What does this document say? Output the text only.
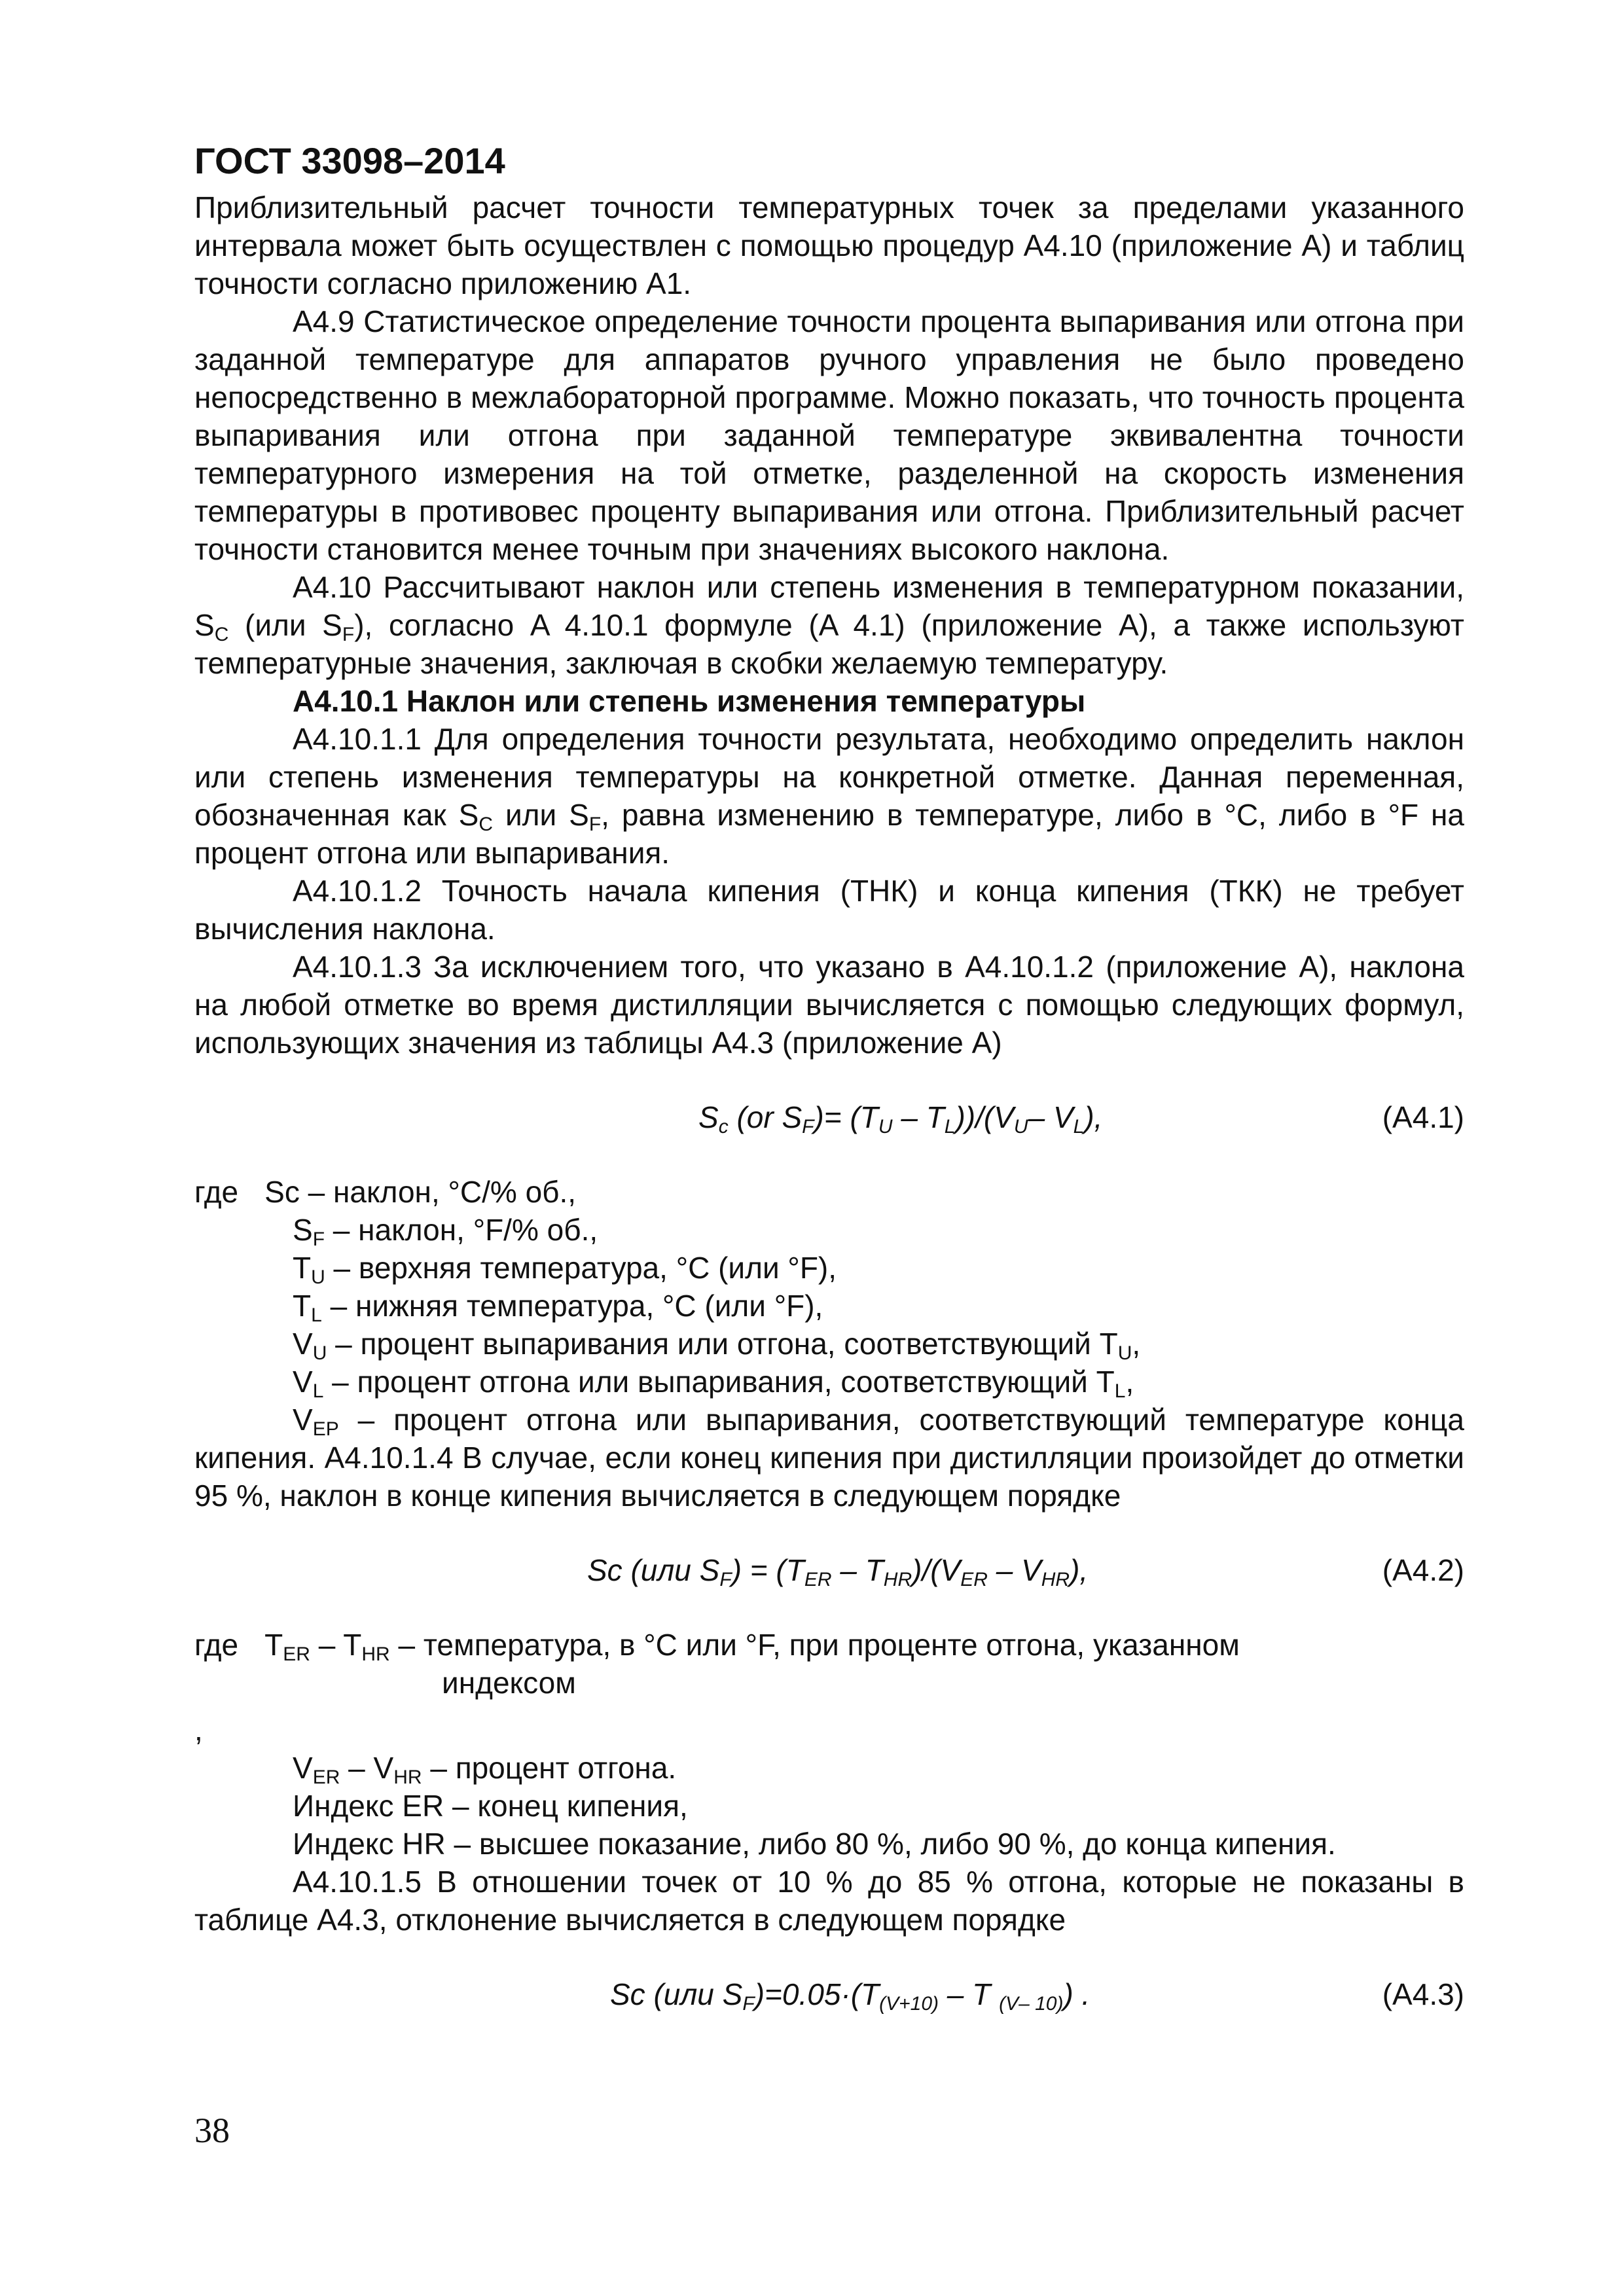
ГОСТ 33098–2014

Приблизительный расчет точности температурных точек за пределами указанного интервала может быть осуществлен с помощью процедур A4.10 (приложение A) и таблиц точности согласно приложению A1.

A4.9 Статистическое определение точности процента выпаривания или отгона при заданной температуре для аппаратов ручного управления не было проведено непосредственно в межлабораторной программе. Можно показать, что точность процента выпаривания или отгона при заданной температуре эквивалентна точности температурного измерения на той отметке, разделенной на скорость изменения температуры в противовес проценту выпаривания или отгона. Приблизительный расчет точности становится менее точным при значениях высокого наклона.

A4.10 Рассчитывают наклон или степень изменения в температурном показании, $S_C$ (или $S_F$), согласно A 4.10.1 формуле (A 4.1) (приложение A), а также используют температурные значения, заключая в скобки желаемую температуру.

A4.10.1 Наклон или степень изменения температуры

A4.10.1.1 Для определения точности результата, необходимо определить наклон или степень изменения температуры на конкретной отметке. Данная переменная, обозначенная как $S_C$ или $S_F$, равна изменению в температуре, либо в °C, либо в °F на процент отгона или выпаривания.

A4.10.1.2 Точность начала кипения (ТНК) и конца кипения (ТКК) не требует вычисления наклона.

A4.10.1.3 За исключением того, что указано в A4.10.1.2 (приложение A), наклона на любой отметке во время дистилляции вычисляется с помощью следующих формул, использующих значения из таблицы A4.3 (приложение A)

$S_c$ (or $S_F)= (T_U - T_L))/(V_U-$ $V_L$),	(A4.1)
где Sc – наклон, °C/% об.,
$S_F$ – наклон, °F/% об.,
$T_U$ – верхняя температура, °C (или °F),
$T_L$ – нижняя температура, °C (или °F),
$V_U$ – процент выпаривания или отгона, соответствующий $T_U$,
$V_L$ – процент отгона или выпаривания, соответствующий $T_L$,

$V_{EP}$ – процент отгона или выпаривания, соответствующий температуре конца кипения. A4.10.1.4 В случае, если конец кипения при дистилляции произойдет до отметки 95 %, наклон в конце кипения вычисляется в следующем порядке

Sc (или $S_F) = (T_{ER} - T_{HR})/(V_{ER} - V_{HR})$,	(A4.2)
где $T_{ER} - T_{HR}$ – температура, в °C или °F, при проценте отгона, указанном
индексом
,
$V_{ER} - V_{HR}$ – процент отгона.
Индекс ER – конец кипения,
Индекс HR – высшее показание, либо 80 %, либо 90 %, до конца кипения.

A4.10.1.5 В отношении точек от 10 % до 85 % отгона, которые не показаны в таблице A4.3, отклонение вычисляется в следующем порядке

Sc (или $S_F)=0.05\cdot(T_{(V+10)} - T$ $_{(V- 10)}$) .	(A4.3)
38
